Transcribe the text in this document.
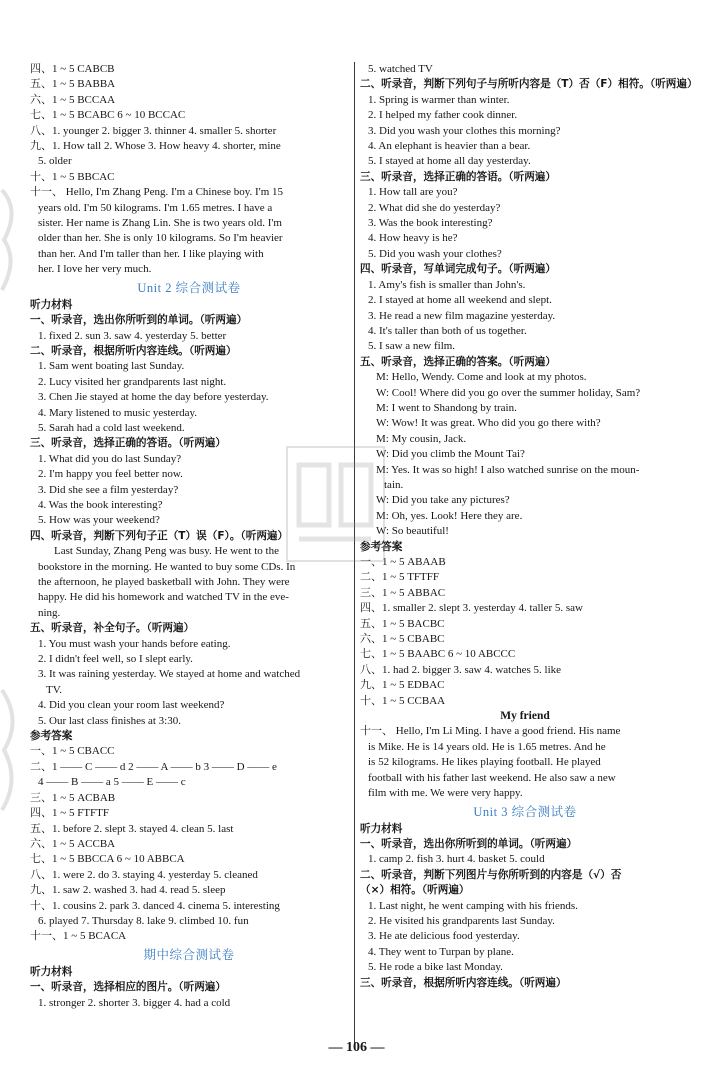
四、1 ~ 5 CABCB
五、1 ~ 5 BABBA
六、1 ~ 5 BCCAA
七、1 ~ 5 BCABC 6 ~ 10 BCCAC
八、1. younger 2. bigger 3. thinner 4. smaller 5. shorter
九、1. How tall 2. Whose 3. How heavy 4. shorter, mine
5. older
十、1 ~ 5 BBCAC
十一、 Hello, I'm Zhang Peng. I'm a Chinese boy. I'm 15
years old. I'm 50 kilograms. I'm 1.65 metres. I have a
sister. Her name is Zhang Lin. She is two years old. I'm
older than her. She is only 10 kilograms. So I'm heavier
than her. And I'm taller than her. I like playing with
her. I love her very much.
Unit 2 综合测试卷
听力材料
一、听录音，选出你所听到的单词。（听两遍）
1. fixed 2. sun 3. saw 4. yesterday 5. better
二、听录音，根据所听内容连线。（听两遍）
1. Sam went boating last Sunday.
2. Lucy visited her grandparents last night.
3. Chen Jie stayed at home the day before yesterday.
4. Mary listened to music yesterday.
5. Sarah had a cold last weekend.
三、听录音，选择正确的答语。（听两遍）
1. What did you do last Sunday?
2. I'm happy you feel better now.
3. Did she see a film yesterday?
4. Was the book interesting?
5. How was your weekend?
四、听录音，判断下列句子正（T）误（F）。（听两遍）
Last Sunday, Zhang Peng was busy. He went to the
bookstore in the morning. He wanted to buy some CDs. In
the afternoon, he played basketball with John. They were
happy. He did his homework and watched TV in the eve-
ning.
五、听录音，补全句子。（听两遍）
1. You must wash your hands before eating.
2. I didn't feel well, so I slept early.
3. It was raining yesterday. We stayed at home and watched
TV.
4. Did you clean your room last weekend?
5. Our last class finishes at 3:30.
参考答案
一、1 ~ 5 CBACC
二、1 —— C —— d 2 —— A —— b 3 —— D —— e
4 —— B —— a 5 —— E —— c
三、1 ~ 5 ACBAB
四、1 ~ 5 FTFTF
五、1. before 2. slept 3. stayed 4. clean 5. last
六、1 ~ 5 ACCBA
七、1 ~ 5 BBCCA 6 ~ 10 ABBCA
八、1. were 2. do 3. staying 4. yesterday 5. cleaned
九、1. saw 2. washed 3. had 4. read 5. sleep
十、1. cousins 2. park 3. danced 4. cinema 5. interesting
6. played 7. Thursday 8. lake 9. climbed 10. fun
十一、1 ~ 5 BCACA
期中综合测试卷
听力材料
一、听录音，选择相应的图片。（听两遍）
1. stronger 2. shorter 3. bigger 4. had a cold
5. watched TV
二、听录音，判断下列句子与所听内容是（T）否（F）相符。（听两遍）
1. Spring is warmer than winter.
2. I helped my father cook dinner.
3. Did you wash your clothes this morning?
4. An elephant is heavier than a bear.
5. I stayed at home all day yesterday.
三、听录音，选择正确的答语。（听两遍）
1. How tall are you?
2. What did she do yesterday?
3. Was the book interesting?
4. How heavy is he?
5. Did you wash your clothes?
四、听录音，写单词完成句子。（听两遍）
1. Amy's fish is smaller than John's.
2. I stayed at home all weekend and slept.
3. He read a new film magazine yesterday.
4. It's taller than both of us together.
5. I saw a new film.
五、听录音，选择正确的答案。（听两遍）
M: Hello, Wendy. Come and look at my photos.
W: Cool! Where did you go over the summer holiday, Sam?
M: I went to Shandong by train.
W: Wow! It was great. Who did you go there with?
M: My cousin, Jack.
W: Did you climb the Mount Tai?
M: Yes. It was so high! I also watched sunrise on the moun-
tain.
W: Did you take any pictures?
M: Oh, yes. Look! Here they are.
W: So beautiful!
参考答案
一、1 ~ 5 ABAAB
二、1 ~ 5 TFTFF
三、1 ~ 5 ABBAC
四、1. smaller 2. slept 3. yesterday 4. taller 5. saw
五、1 ~ 5 BACBC
六、1 ~ 5 CBABC
七、1 ~ 5 BAABC 6 ~ 10 ABCCC
八、1. had 2. bigger 3. saw 4. watches 5. like
九、1 ~ 5 EDBAC
十、1 ~ 5 CCBAA
My friend
十一、 Hello, I'm Li Ming. I have a good friend. His name
is Mike. He is 14 years old. He is 1.65 metres. And he
is 52 kilograms. He likes playing football. He played
football with his father last weekend. He also saw a new
film with me. We were very happy.
Unit 3 综合测试卷
听力材料
一、听录音，选出你所听到的单词。（听两遍）
1. camp 2. fish 3. hurt 4. basket 5. could
二、听录音，判断下列图片与你所听到的内容是（√）否
（×）相符。（听两遍）
1. Last night, he went camping with his friends.
2. He visited his grandparents last Sunday.
3. He ate delicious food yesterday.
4. They went to Turpan by plane.
5. He rode a bike last Monday.
三、听录音，根据所听内容连线。（听两遍）
— 106 —
